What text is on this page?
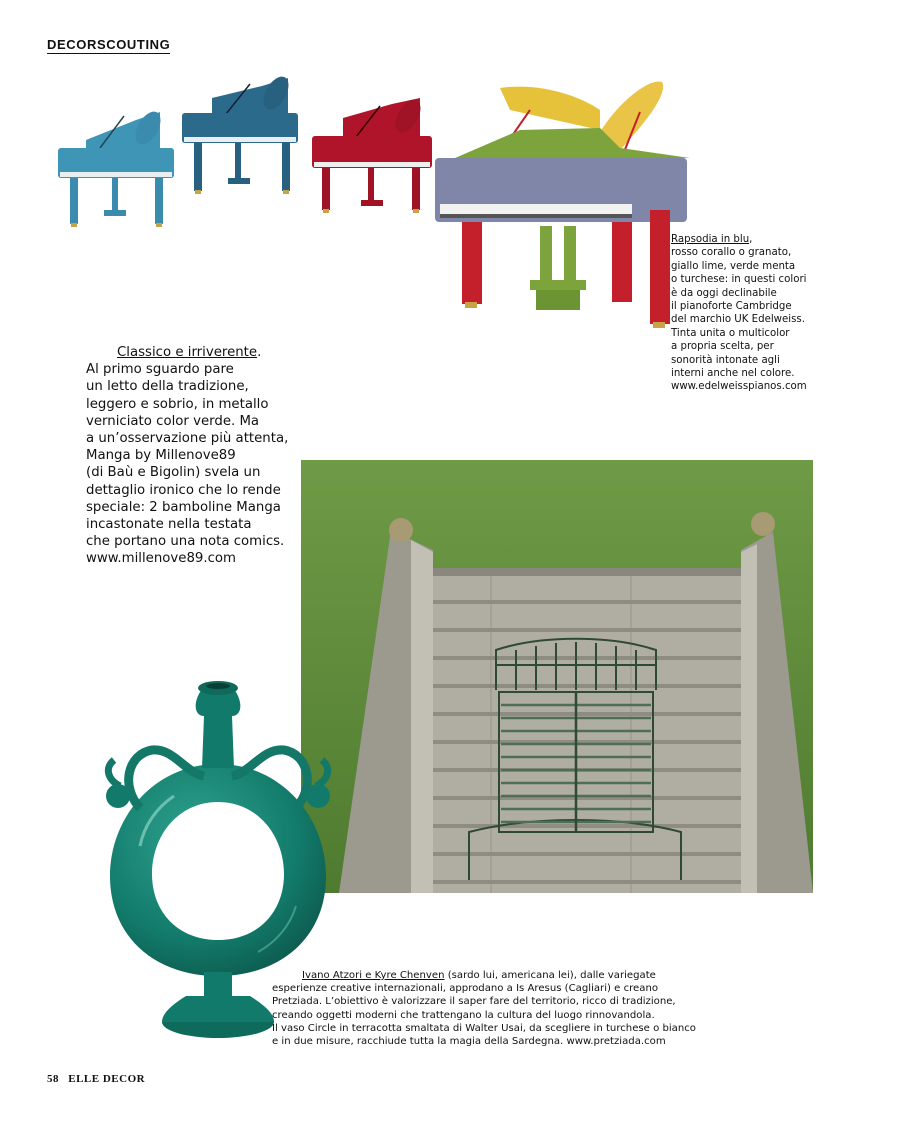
DECORSCOUTING
Rapsodia in blu,
rosso corallo o granato,
giallo lime, verde menta
o turchese: in questi colori
è da oggi declinabile
il pianoforte Cambridge
del marchio UK Edelweiss.
Tinta unita o multicolor
a propria scelta, per
sonorità intonate agli
interni anche nel colore.
www.edelweisspianos.com
Classico e irriverente.
Al primo sguardo pare
un letto della tradizione,
leggero e sobrio, in metallo
verniciato color verde. Ma
a un’osservazione più attenta,
Manga by Millenove89
(di Baù e Bigolin) svela un
dettaglio ironico che lo rende
speciale: 2 bamboline Manga
incastonate nella testata
che portano una nota comics.
www.millenove89.com
Ivano Atzori e Kyre Chenven (sardo lui, americana lei), dalle variegate
esperienze creative internazionali, approdano a Is Aresus (Cagliari) e creano
Pretziada. L’obiettivo è valorizzare il saper fare del territorio, ricco di tradizione,
creando oggetti moderni che trattengano la cultura del luogo rinnovandola.
Il vaso Circle in terracotta smaltata di Walter Usai, da scegliere in turchese o bianco
e in due misure, racchiude tutta la magia della Sardegna. www.pretziada.com
58 ELLE DECOR
